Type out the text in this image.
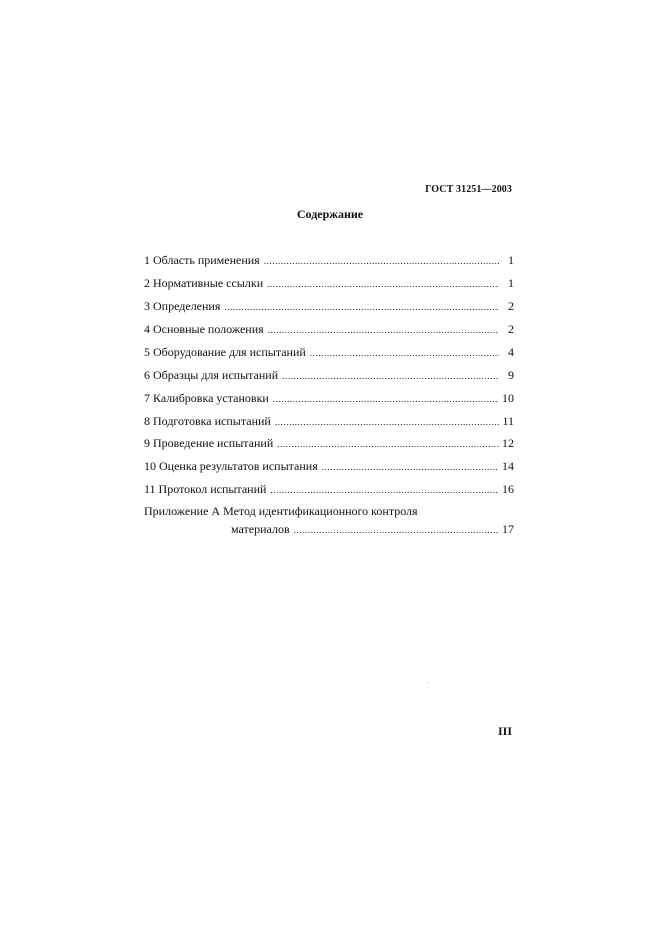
ГОСТ 31251—2003
Содержание
1 Область применения .....	1
2 Нормативные ссылки .....	1
3 Определения .....	2
4 Основные положения .....	2
5 Оборудование для испытаний .....	4
6 Образцы для испытаний .....	9
7 Калибровка установки .....	10
8 Подготовка испытаний .....	11
9 Проведение испытаний .....	12
10 Оценка результатов испытания .....	14
11 Протокол испытаний .....	16
Приложение А Метод идентификационного контроля
материалов .....	17
III
